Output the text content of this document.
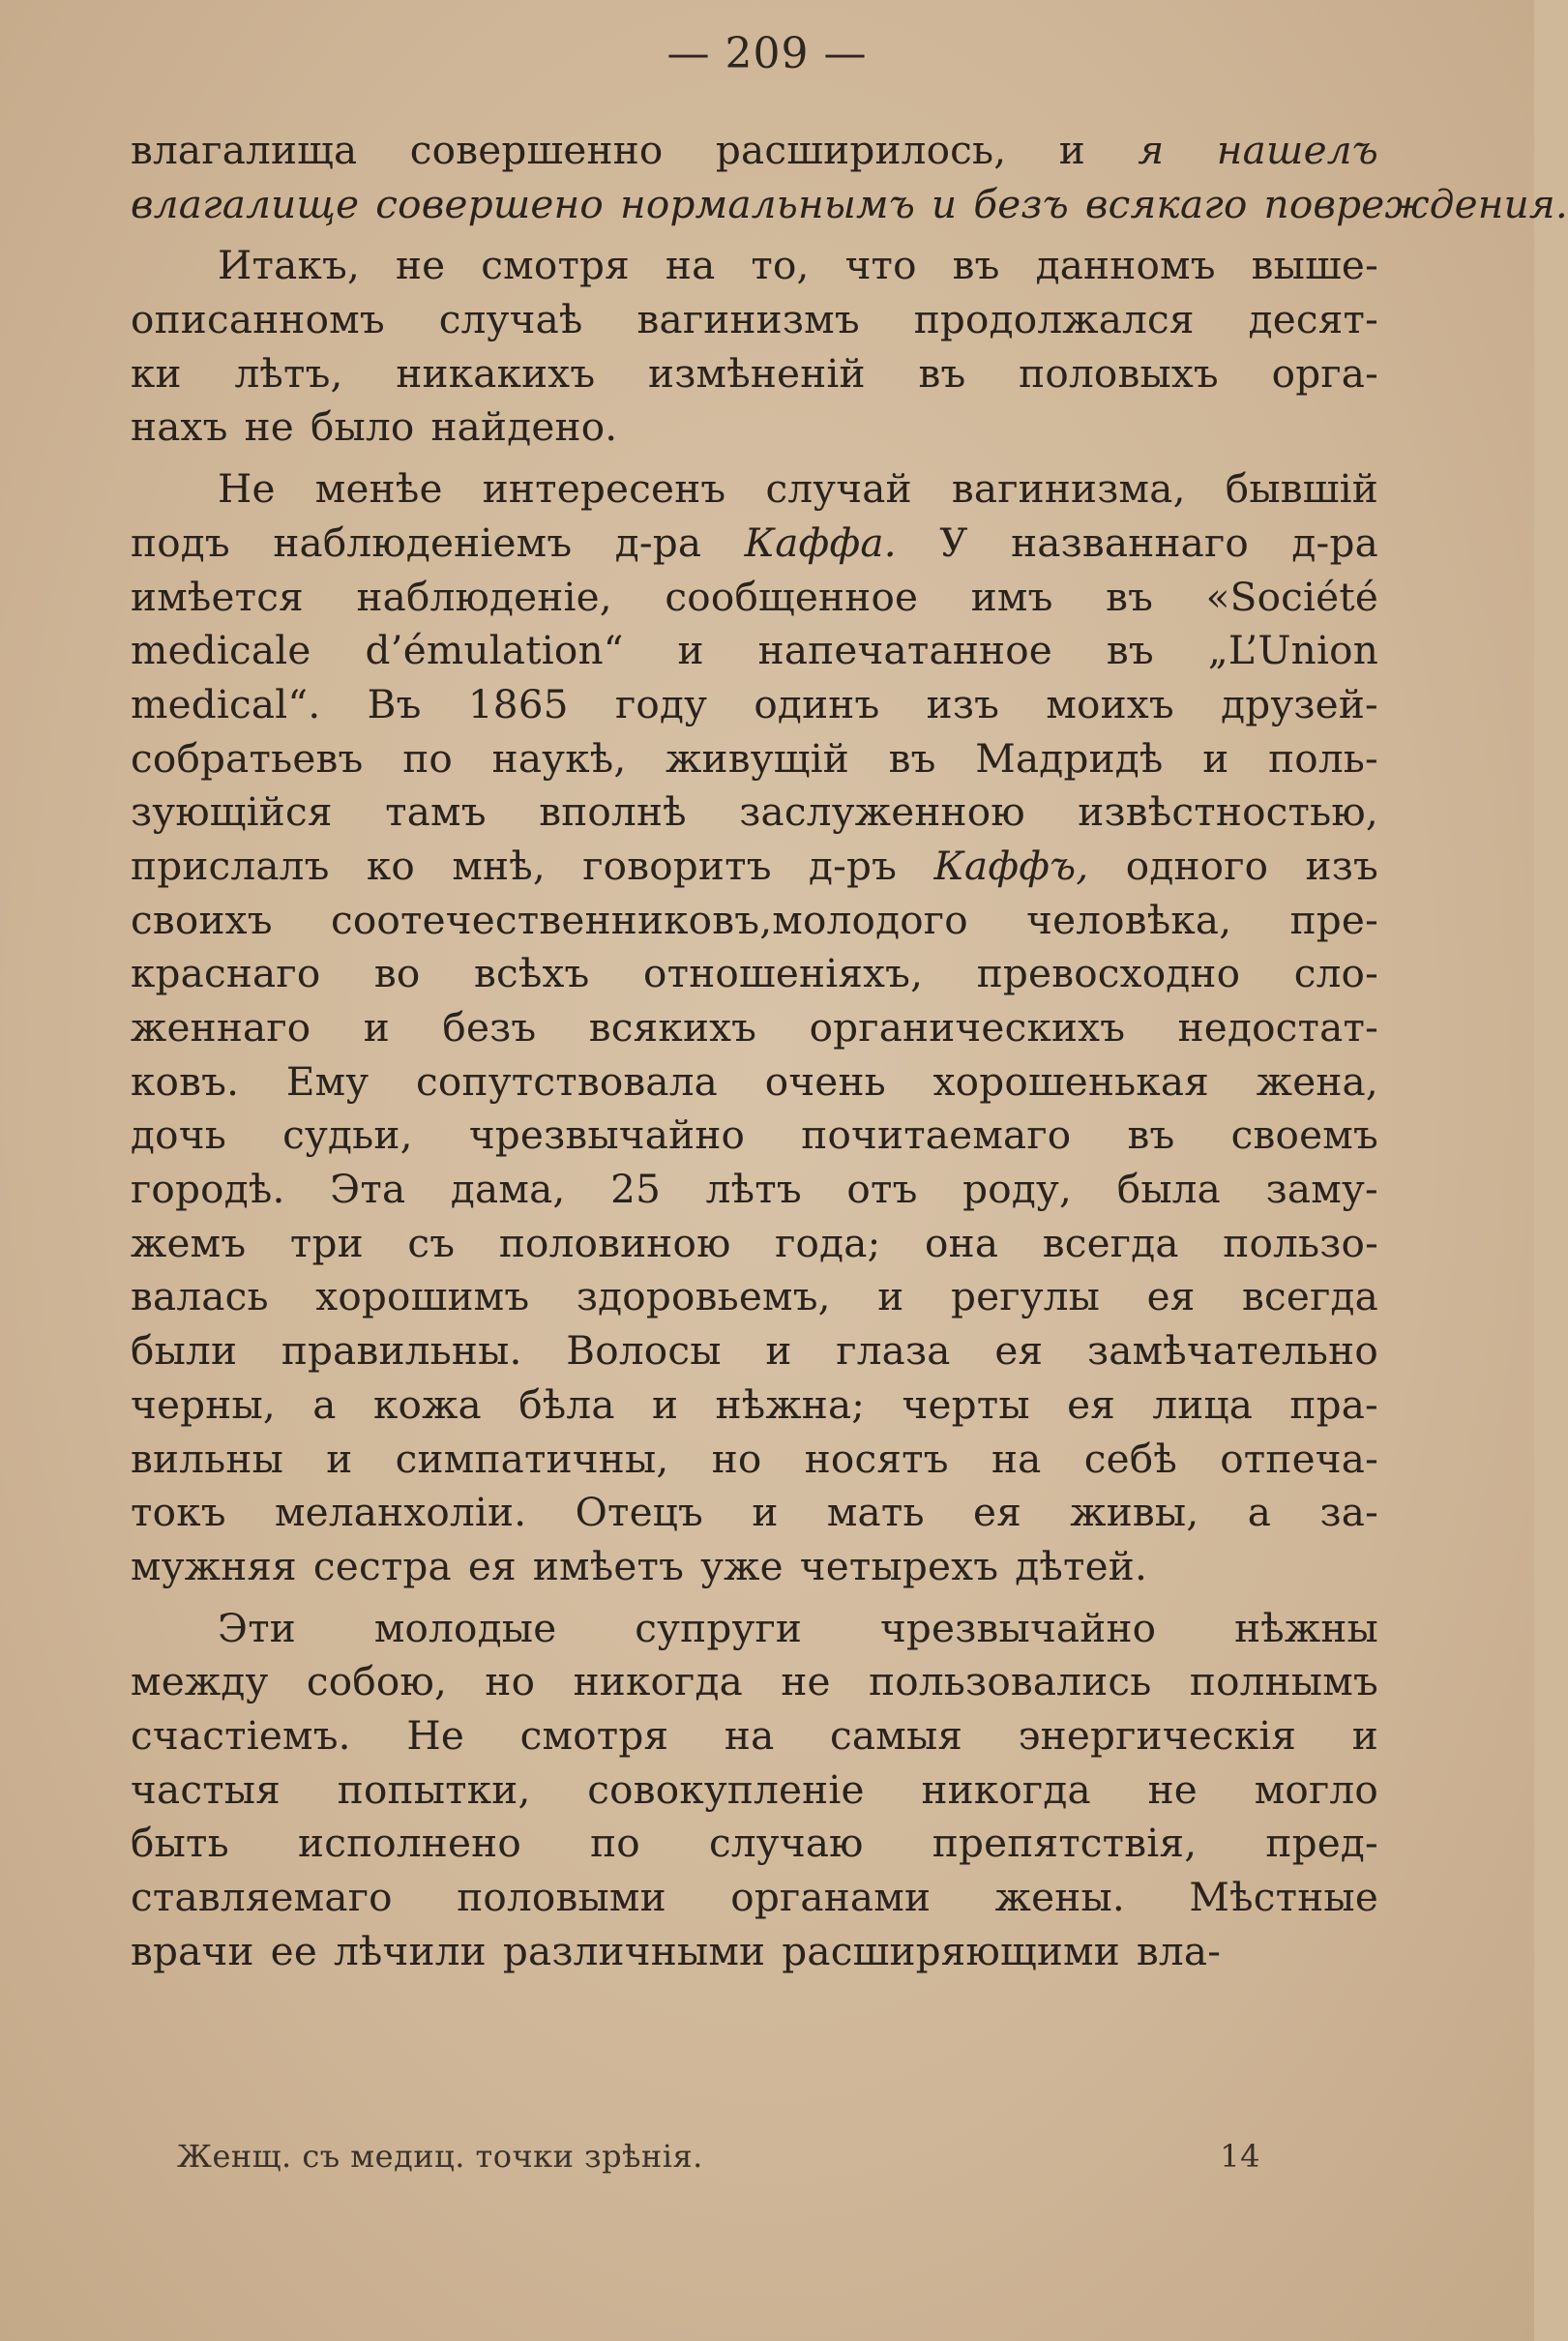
— 209 —
влагалища совершенно расширилось, и я нашелъ
влагалище совершено нормальнымъ и безъ всякаго повреждения.
Итакъ, не смотря на то, что въ данномъ выше-
описанномъ случаѣ вагинизмъ продолжался десят-
ки лѣтъ, никакихъ измѣненій въ половыхъ орга-
нахъ не было найдено.
Не менѣе интересенъ случай вагинизма, бывшій
подъ наблюденіемъ д-ра Каффа. У названнаго д-ра
имѣется наблюденіе, сообщенное имъ въ «Société
medicale d’émulation“ и напечатанное въ „L’Union
medical“. Въ 1865 году одинъ изъ моихъ друзей-
собратьевъ по наукѣ, живущій въ Мадридѣ и поль-
зующійся тамъ вполнѣ заслуженною извѣстностью,
прислалъ ко мнѣ, говоритъ д-ръ Каффъ, одного изъ
своихъ соотечественниковъ,молодого человѣка, пре-
краснаго во всѣхъ отношеніяхъ, превосходно сло-
женнаго и безъ всякихъ органическихъ недостат-
ковъ. Ему сопутствовала очень хорошенькая жена,
дочь судьи, чрезвычайно почитаемаго въ своемъ
городѣ. Эта дама, 25 лѣтъ отъ роду, была заму-
жемъ три съ половиною года; она всегда пользо-
валась хорошимъ здоровьемъ, и регулы ея всегда
были правильны. Волосы и глаза ея замѣчательно
черны, а кожа бѣла и нѣжна; черты ея лица пра-
вильны и симпатичны, но носятъ на себѣ отпеча-
токъ меланхоліи. Отецъ и мать ея живы, а за-
мужняя сестра ея имѣетъ уже четырехъ дѣтей.
Эти молодые супруги чрезвычайно нѣжны
между собою, но никогда не пользовались полнымъ
счастіемъ. Не смотря на самыя энергическія и
частыя попытки, совокупленіе никогда не могло
быть исполнено по случаю препятствія, пред-
ставляемаго половыми органами жены. Мѣстные
врачи ее лѣчили различными расширяющими вла-
Женщ. съ медиц. точки зрѣнія.	14
